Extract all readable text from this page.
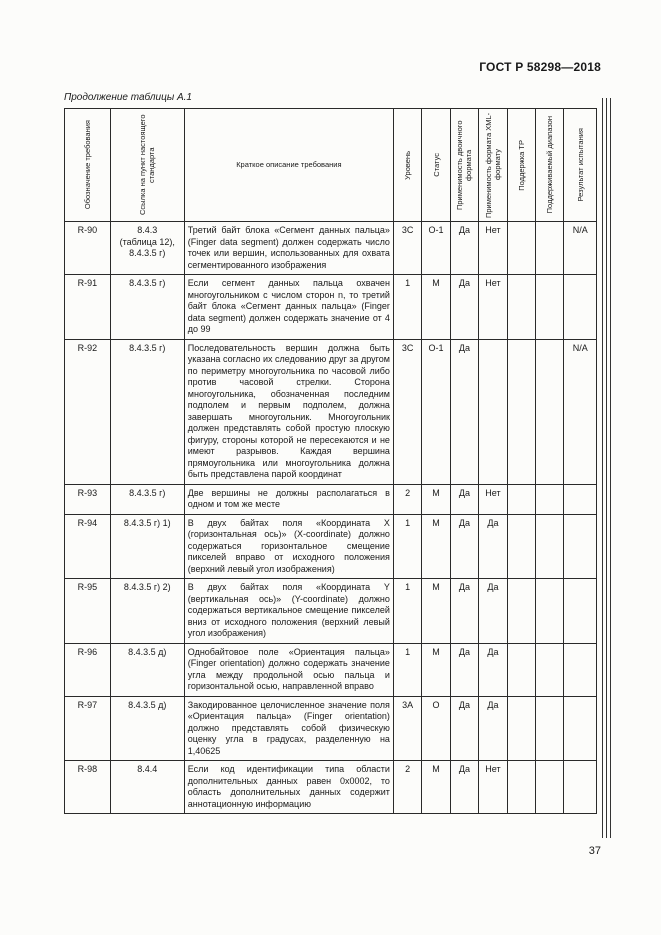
ГОСТ Р 58298—2018
Продолжение таблицы А.1
Обозначение требования	Ссылка на пункт настоящего стандарта	Краткое описание требования	Уровень	Статус	Применимость двоичного формата	Применимость формата XML-формату	Поддержка ТР	Поддерживаемый диапазон	Результат испытания

R-90	8.4.3
(таблица 12),
8.4.3.5 г)	Третий байт блока «Сегмент данных пальца» (Finger data segment) должен содержать число точек или вершин, использованных для охвата сегментированного изображения	3C	О-1	Да	Нет			N/A

R-91	8.4.3.5 г)	Если сегмент данных пальца охвачен многоугольником с числом сторон n, то третий байт блока «Сегмент данных пальца» (Finger data segment) должен содержать значение от 4 до 99	1	М	Да	Нет			

R-92	8.4.3.5 г)	Последовательность вершин должна быть указана согласно их следованию друг за другом по периметру многоугольника по часовой либо против часовой стрелки. Сторона многоугольника, обозначенная последним подполем и первым подполем, должна завершать многоугольник. Многоугольник должен представлять собой простую плоскую фигуру, стороны которой не пересекаются и не имеют разрывов. Каждая вершина прямоугольника или многоугольника должна быть представлена парой координат	3C	О-1	Да				N/A

R-93	8.4.3.5 г)	Две вершины не должны располагаться в одном и том же месте	2	М	Да	Нет			

R-94	8.4.3.5 г) 1)	В двух байтах поля «Координата X (горизонтальная ось)» (X-coordinate) должно содержаться горизонтальное смещение пикселей вправо от исходного положения (верхний левый угол изображения)	1	М	Да	Да			

R-95	8.4.3.5 г) 2)	В двух байтах поля «Координата Y (вертикальная ось)» (Y-coordinate) должно содержаться вертикальное смещение пикселей вниз от исходного положения (верхний левый угол изображения)	1	М	Да	Да			

R-96	8.4.3.5 д)	Однобайтовое поле «Ориентация пальца» (Finger orientation) должно содержать значение угла между продольной осью пальца и горизонтальной осью, направленной вправо	1	М	Да	Да			

R-97	8.4.3.5 д)	Закодированное целочисленное значение поля «Ориентация пальца» (Finger orientation) должно представлять собой физическую оценку угла в градусах, разделенную на 1,40625	3A	О	Да	Да			

R-98	8.4.4	Если код идентификации типа области дополнительных данных равен 0x0002, то область дополнительных данных содержит аннотационную информацию	2	М	Да	Нет			

37
